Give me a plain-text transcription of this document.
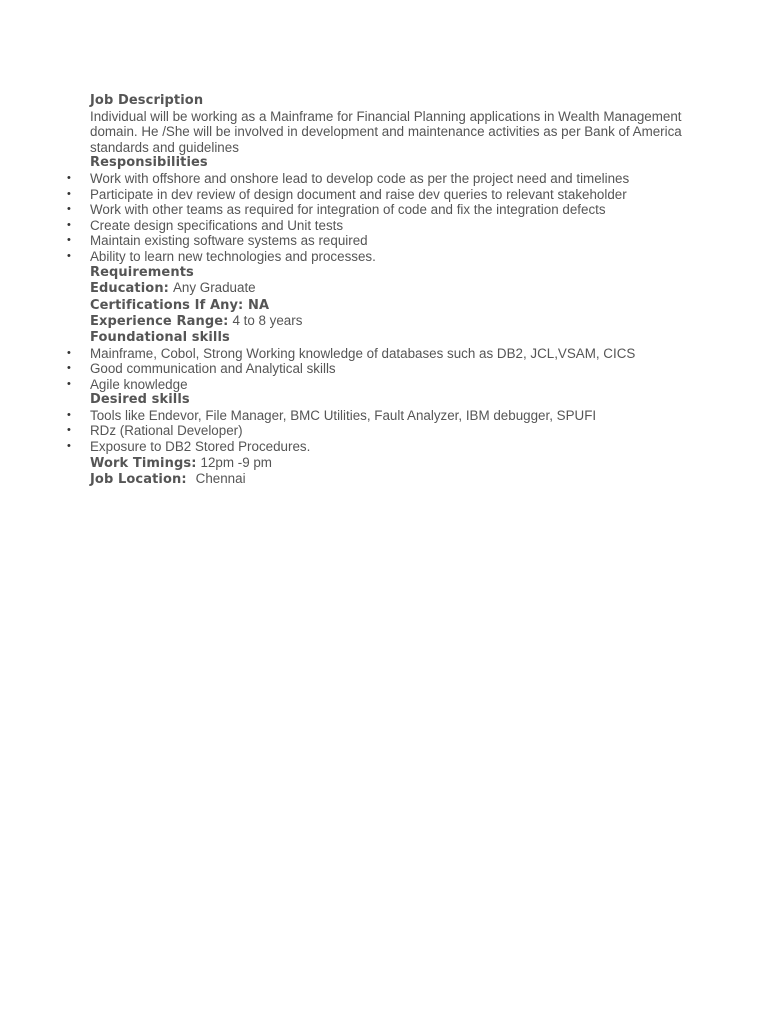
Job Description
Individual will be working as a Mainframe for Financial Planning applications in Wealth Management domain. He /She will be involved in development and maintenance activities as per Bank of America standards and guidelines
Responsibilities
• Work with offshore and onshore lead to develop code as per the project need and timelines
• Participate in dev review of design document and raise dev queries to relevant stakeholder
• Work with other teams as required for integration of code and fix the integration defects
• Create design specifications and Unit tests
• Maintain existing software systems as required
• Ability to learn new technologies and processes.
Requirements
Education: Any Graduate
Certifications If Any: NA
Experience Range: 4 to 8 years
Foundational skills
• Mainframe, Cobol, Strong Working knowledge of databases such as DB2, JCL,VSAM, CICS
• Good communication and Analytical skills
• Agile knowledge
Desired skills
• Tools like Endevor, File Manager, BMC Utilities, Fault Analyzer, IBM debugger, SPUFI
• RDz (Rational Developer)
• Exposure to DB2 Stored Procedures.
Work Timings: 12pm -9 pm
Job Location: Chennai
